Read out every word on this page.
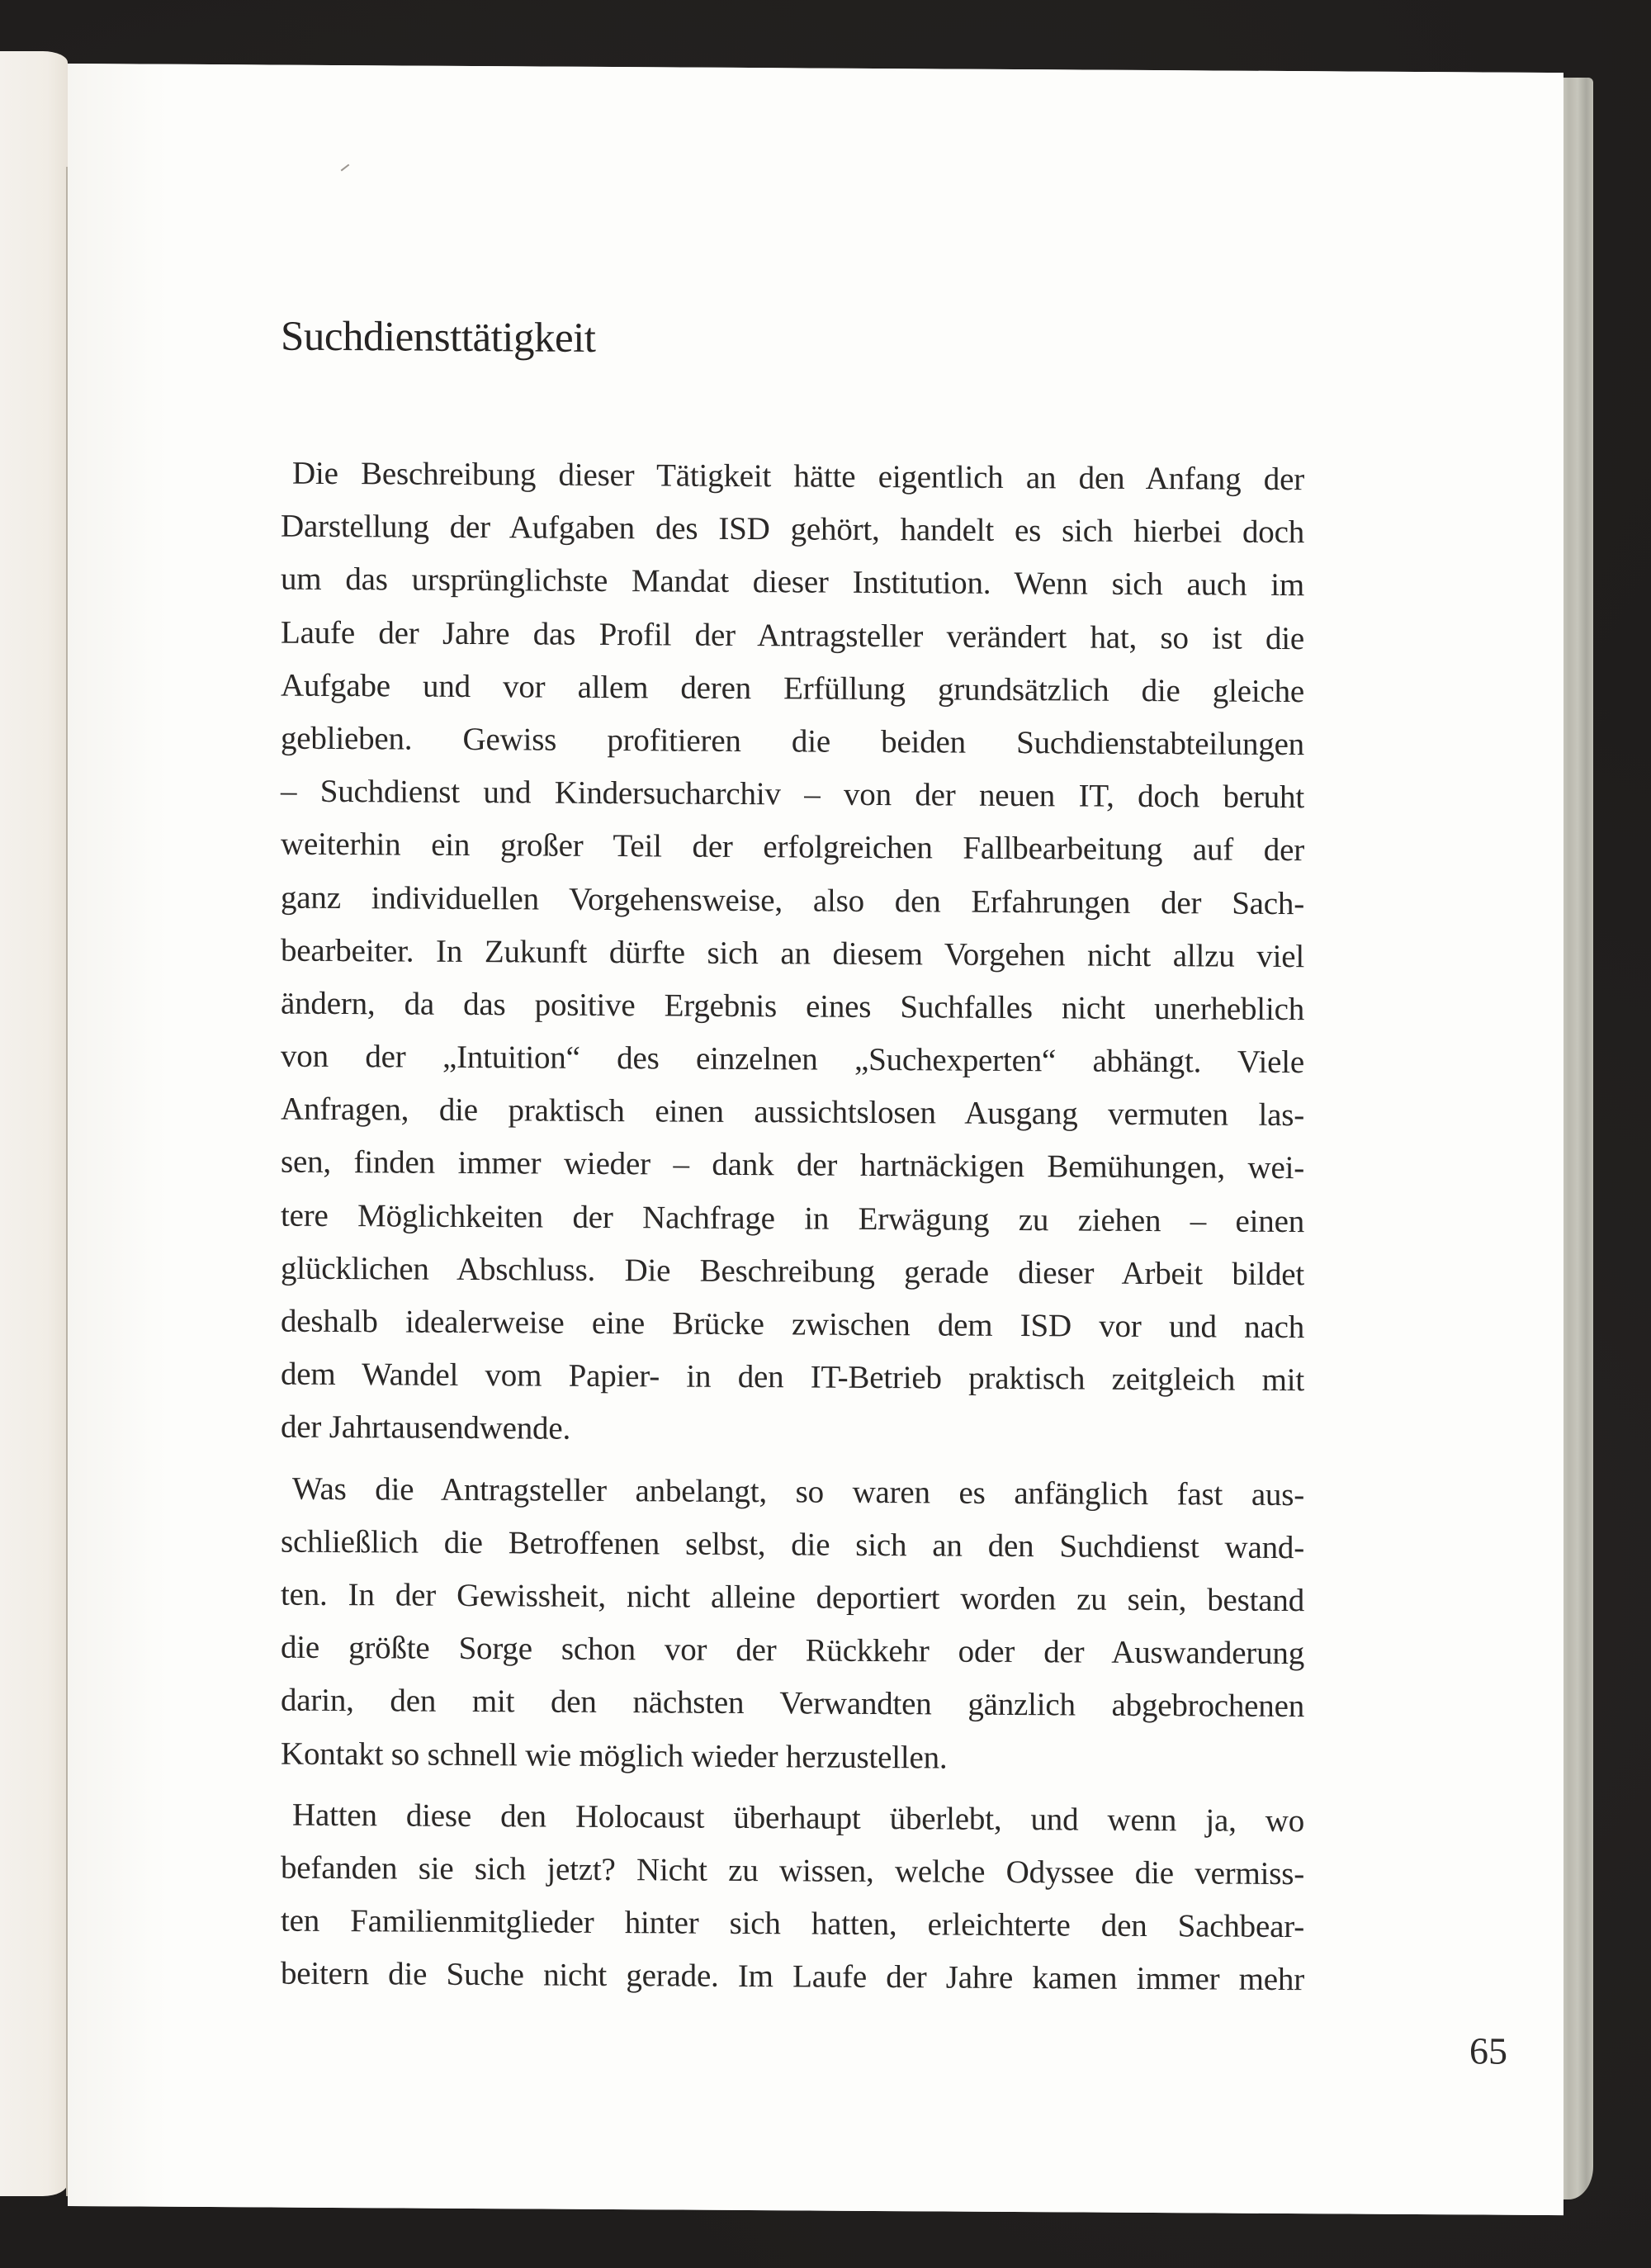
Suchdiensttätigkeit
Die Beschreibung dieser Tätigkeit hätte eigentlich an den Anfang der
Darstellung der Aufgaben des ISD gehört, handelt es sich hierbei doch
um das ursprünglichste Mandat dieser Institution. Wenn sich auch im
Laufe der Jahre das Profil der Antragsteller verändert hat, so ist die
Aufgabe und vor allem deren Erfüllung grundsätzlich die gleiche
geblieben. Gewiss profitieren die beiden Suchdienstabteilungen
– Suchdienst und Kindersucharchiv – von der neuen IT, doch beruht
weiterhin ein großer Teil der erfolgreichen Fallbearbeitung auf der
ganz individuellen Vorgehensweise, also den Erfahrungen der Sach-
bearbeiter. In Zukunft dürfte sich an diesem Vorgehen nicht allzu viel
ändern, da das positive Ergebnis eines Suchfalles nicht unerheblich
von der „Intuition“ des einzelnen „Suchexperten“ abhängt. Viele
Anfragen, die praktisch einen aussichtslosen Ausgang vermuten las-
sen, finden immer wieder – dank der hartnäckigen Bemühungen, wei-
tere Möglichkeiten der Nachfrage in Erwägung zu ziehen – einen
glücklichen Abschluss. Die Beschreibung gerade dieser Arbeit bildet
deshalb idealerweise eine Brücke zwischen dem ISD vor und nach
dem Wandel vom Papier- in den IT-Betrieb praktisch zeitgleich mit
der Jahrtausendwende.
Was die Antragsteller anbelangt, so waren es anfänglich fast aus-
schließlich die Betroffenen selbst, die sich an den Suchdienst wand-
ten. In der Gewissheit, nicht alleine deportiert worden zu sein, bestand
die größte Sorge schon vor der Rückkehr oder der Auswanderung
darin, den mit den nächsten Verwandten gänzlich abgebrochenen
Kontakt so schnell wie möglich wieder herzustellen.
Hatten diese den Holocaust überhaupt überlebt, und wenn ja, wo
befanden sie sich jetzt? Nicht zu wissen, welche Odyssee die vermiss-
ten Familienmitglieder hinter sich hatten, erleichterte den Sachbear-
beitern die Suche nicht gerade. Im Laufe der Jahre kamen immer mehr
65
